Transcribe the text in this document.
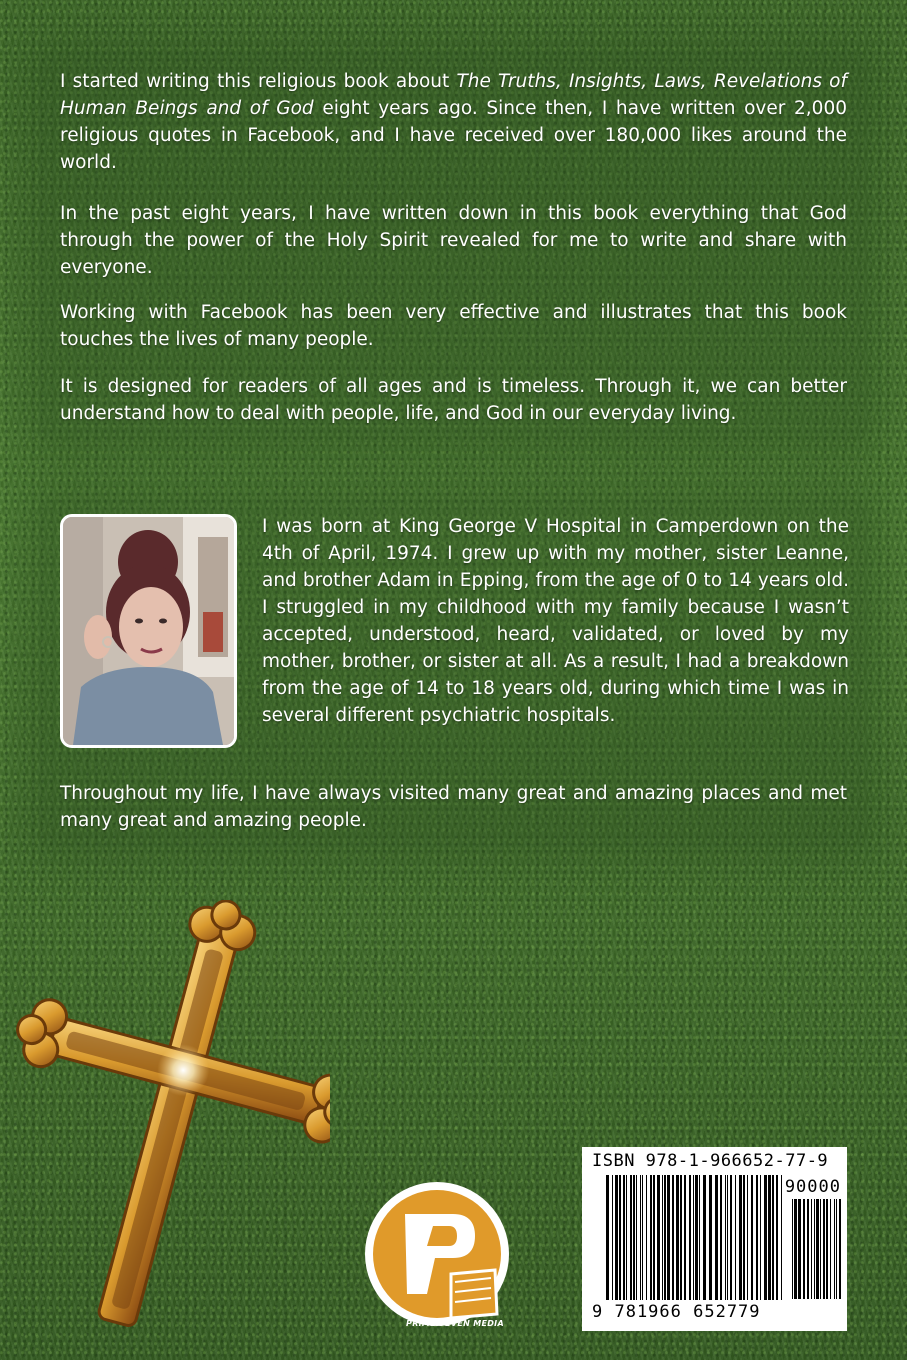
I started writing this religious book about The Truths, Insights, Laws, Revelations of Human Beings and of God eight years ago. Since then, I have written over 2,000 religious quotes in Facebook, and I have received over 180,000 likes around the world.

In the past eight years, I have written down in this book everything that God through the power of the Holy Spirit revealed for me to write and share with everyone.

Working with Facebook has been very effective and illustrates that this book touches the lives of many people.

It is designed for readers of all ages and is timeless. Through it, we can better understand how to deal with people, life, and God in our everyday living.

I was born at King George V Hospital in Camperdown on the 4th of April, 1974. I grew up with my mother, sister Leanne, and brother Adam in Epping, from the age of 0 to 14 years old. I struggled in my childhood with my family because I wasn’t accepted, understood, heard, validated, or loved by my mother, brother, or sister at all. As a result, I had a breakdown from the age of 14 to 18 years old, during which time I was in several different psychiatric hospitals.

Throughout my life, I have always visited many great and amazing places and met many great and amazing people.

PRIME SEVEN MEDIA

ISBN 978-1-966652-77-9

90000

9 781966 652779
